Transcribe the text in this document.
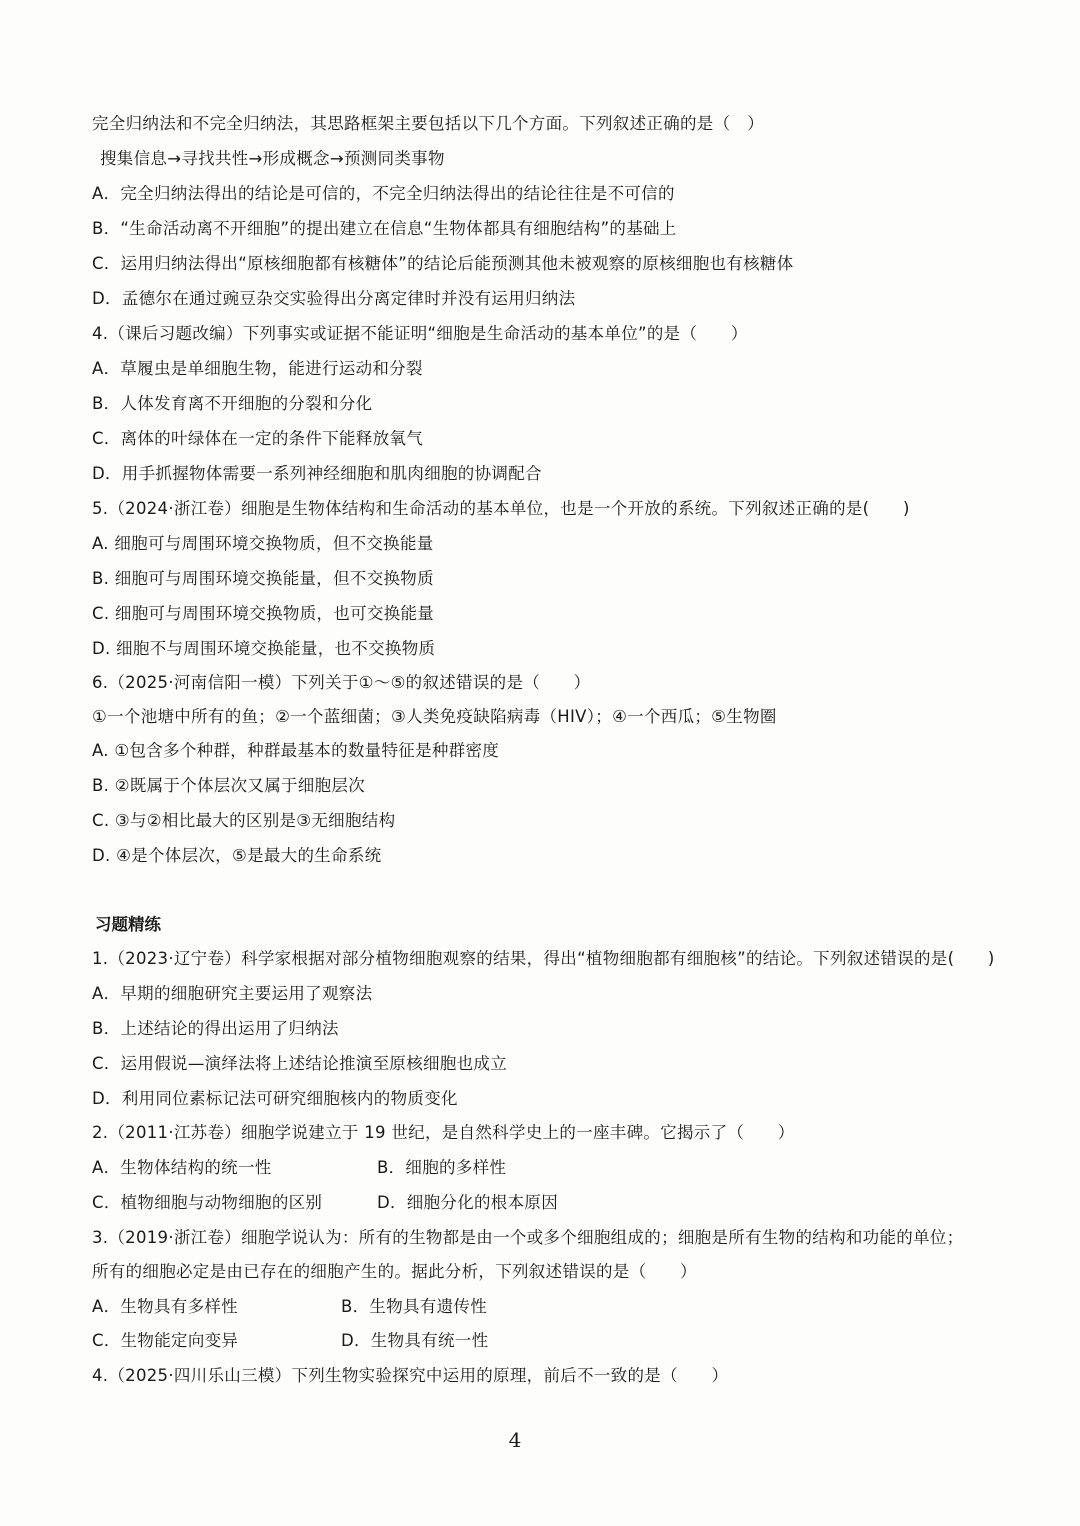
完全归纳法和不完全归纳法，其思路框架主要包括以下几个方面。下列叙述正确的是（　）
搜集信息→寻找共性→形成概念→预测同类事物
A．完全归纳法得出的结论是可信的，不完全归纳法得出的结论往往是不可信的
B．“生命活动离不开细胞”的提出建立在信息“生物体都具有细胞结构”的基础上
C．运用归纳法得出“原核细胞都有核糖体”的结论后能预测其他未被观察的原核细胞也有核糖体
D．孟德尔在通过豌豆杂交实验得出分离定律时并没有运用归纳法
4.（课后习题改编）下列事实或证据不能证明“细胞是生命活动的基本单位”的是（　　）
A．草履虫是单细胞生物，能进行运动和分裂
B．人体发育离不开细胞的分裂和分化
C．离体的叶绿体在一定的条件下能释放氧气
D．用手抓握物体需要一系列神经细胞和肌肉细胞的协调配合
5.（2024·浙江卷）细胞是生物体结构和生命活动的基本单位，也是一个开放的系统。下列叙述正确的是(　　)
A. 细胞可与周围环境交换物质，但不交换能量
B. 细胞可与周围环境交换能量，但不交换物质
C. 细胞可与周围环境交换物质，也可交换能量
D. 细胞不与周围环境交换能量，也不交换物质
6.（2025·河南信阳一模）下列关于①～⑤的叙述错误的是（　　）
①一个池塘中所有的鱼；②一个蓝细菌；③人类免疫缺陷病毒（HIV）；④一个西瓜；⑤生物圈
A. ①包含多个种群，种群最基本的数量特征是种群密度
B. ②既属于个体层次又属于细胞层次
C. ③与②相比最大的区别是③无细胞结构
D. ④是个体层次，⑤是最大的生命系统
习题精练
1.（2023·辽宁卷）科学家根据对部分植物细胞观察的结果，得出“植物细胞都有细胞核”的结论。下列叙述错误的是(　　)
A．早期的细胞研究主要运用了观察法
B．上述结论的得出运用了归纳法
C．运用假说—演绎法将上述结论推演至原核细胞也成立
D．利用同位素标记法可研究细胞核内的物质变化
2.（2011·江苏卷）细胞学说建立于 19 世纪，是自然科学史上的一座丰碑。它揭示了（　　）
A．生物体结构的统一性	B．细胞的多样性
C．植物细胞与动物细胞的区别	D．细胞分化的根本原因
3.（2019·浙江卷）细胞学说认为：所有的生物都是由一个或多个细胞组成的；细胞是所有生物的结构和功能的单位；
所有的细胞必定是由已存在的细胞产生的。据此分析，下列叙述错误的是（　　）
A．生物具有多样性	B．生物具有遗传性
C．生物能定向变异	D．生物具有统一性
4.（2025·四川乐山三模）下列生物实验探究中运用的原理，前后不一致的是（　　）
4
